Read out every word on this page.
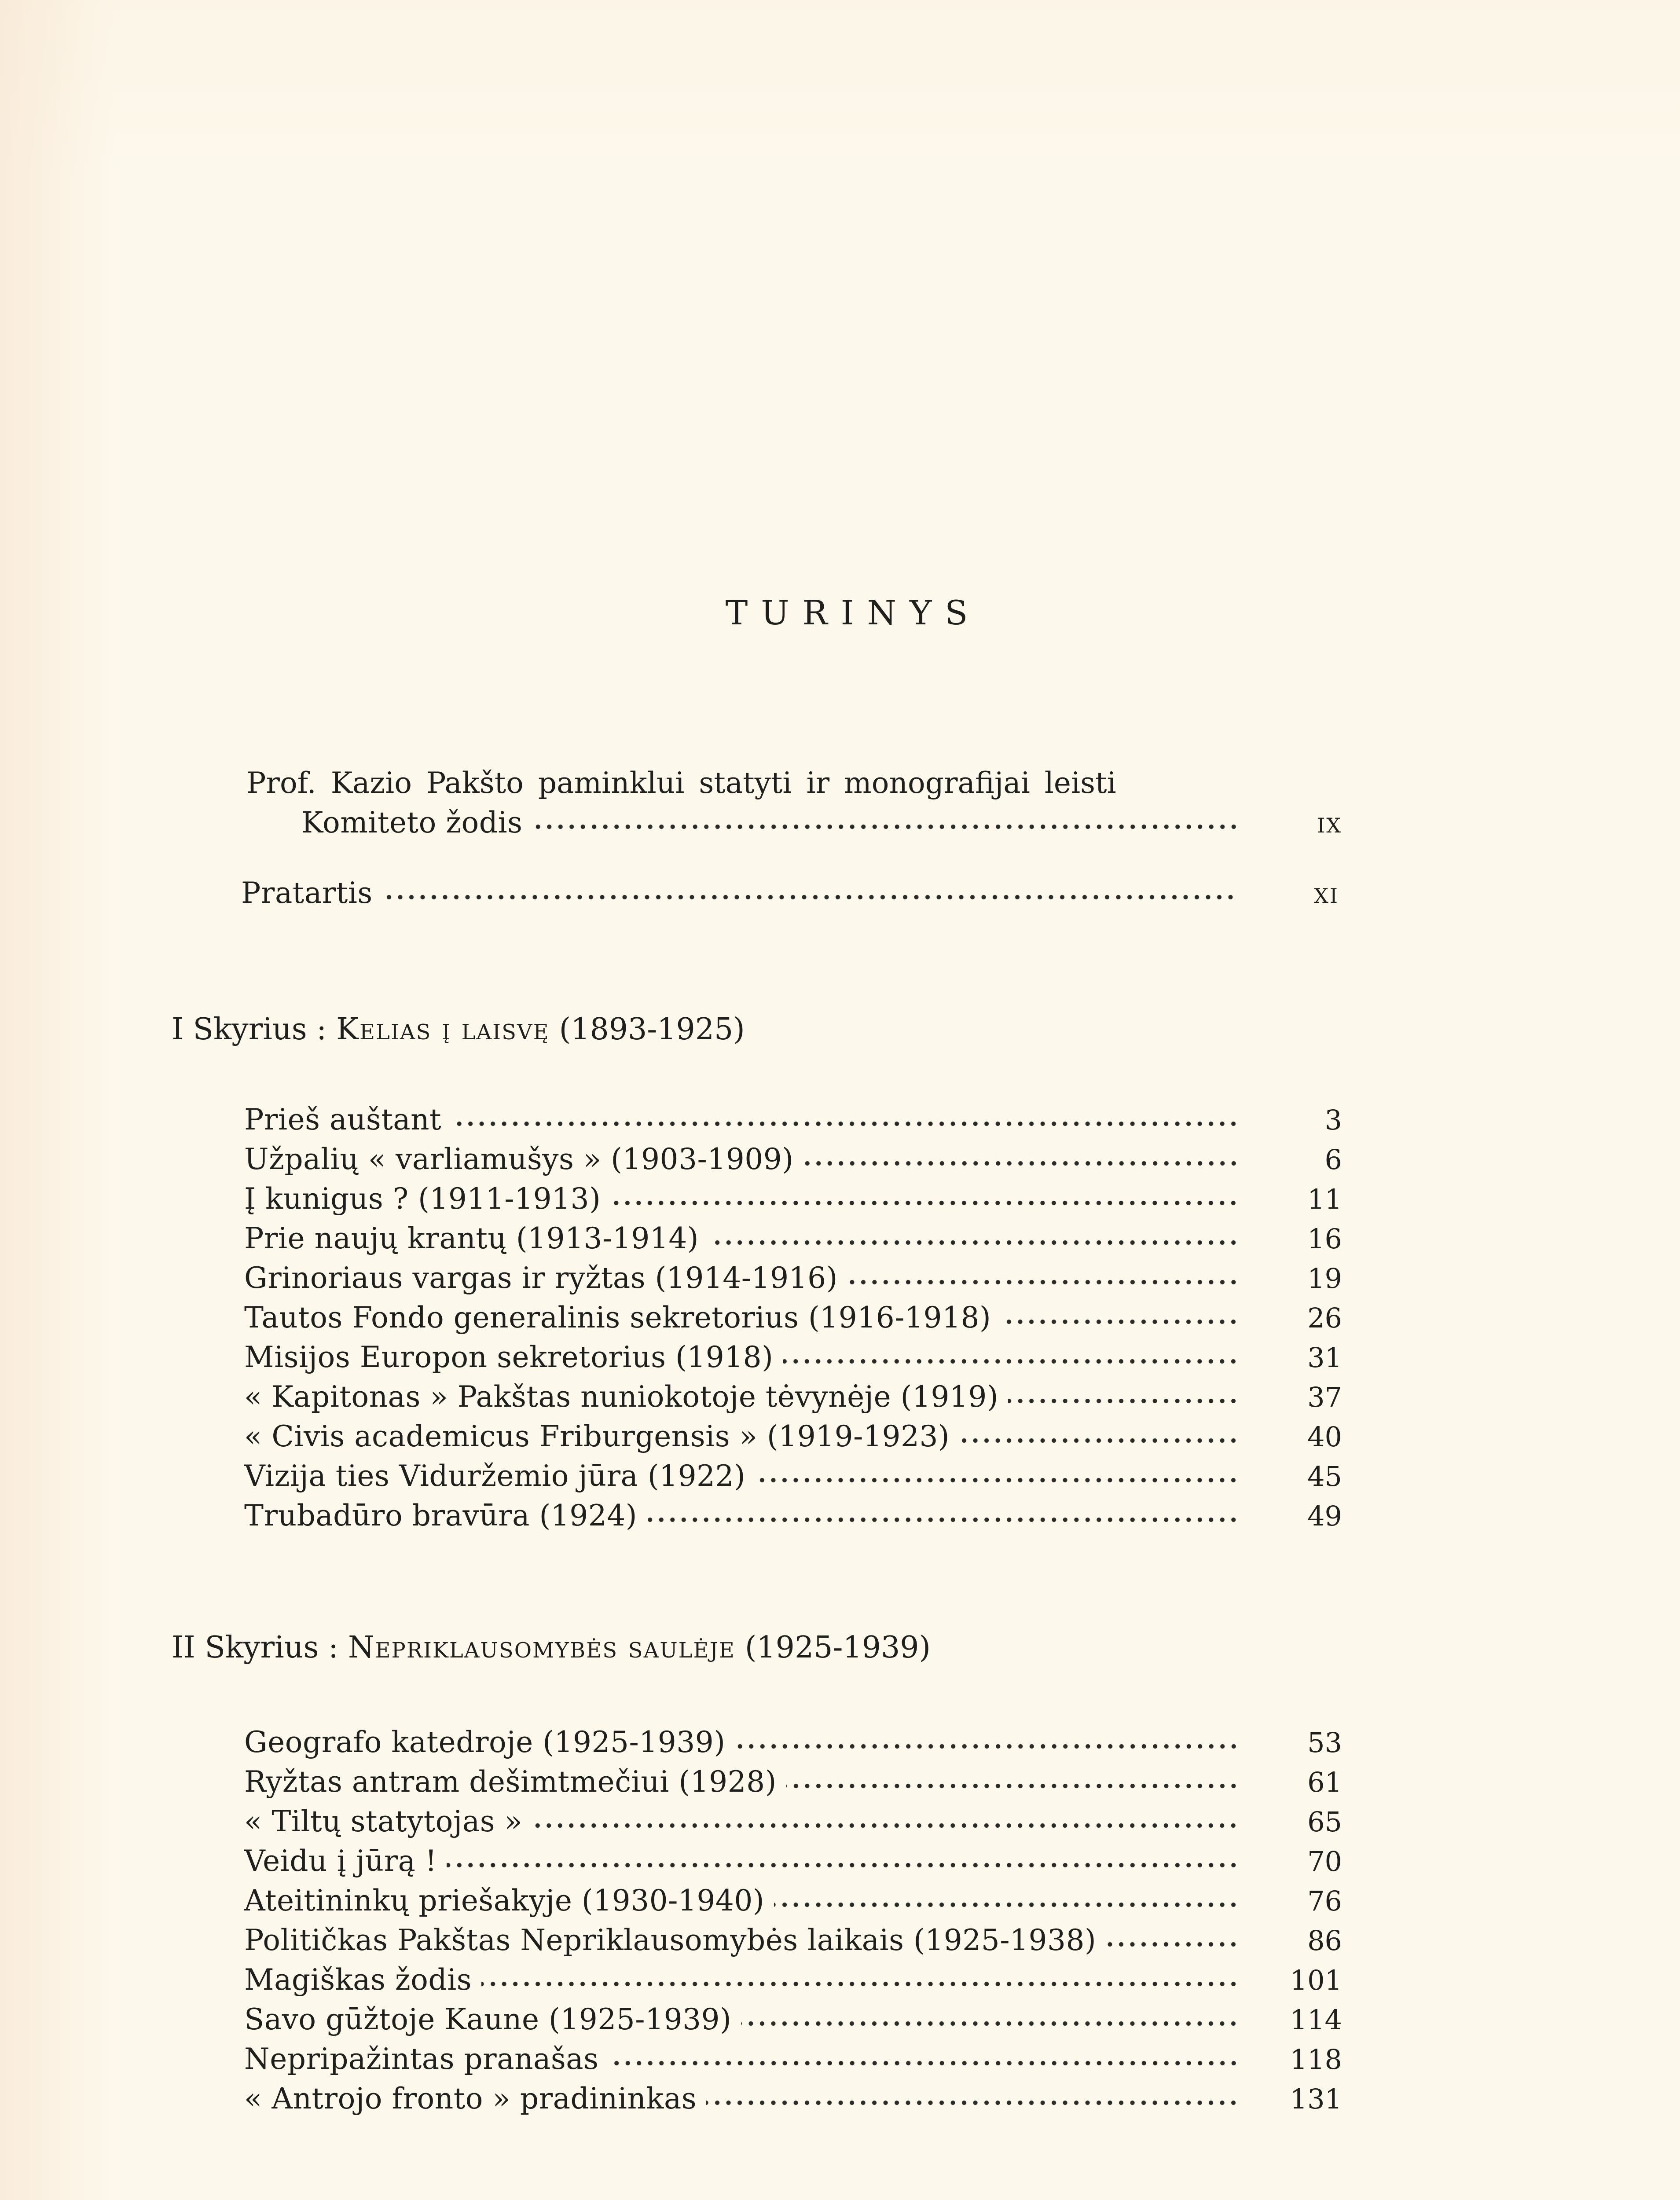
TURINYS
Prof. Kazio Pakšto paminklui statyti ir monografijai leisti
Komiteto žodis	IX
Pratartis	XI
I Skyrius : Kelias į laisvę (1893-1925)
Prieš auštant	3
Užpalių « varliamušys » (1903-1909)	6
Į kunigus ? (1911-1913)	11
Prie naujų krantų (1913-1914)	16
Grinoriaus vargas ir ryžtas (1914-1916)	19
Tautos Fondo generalinis sekretorius (1916-1918)	26
Misijos Europon sekretorius (1918)	31
« Kapitonas » Pakštas nuniokotoje tėvynėje (1919)	37
« Civis academicus Friburgensis » (1919-1923)	40
Vizija ties Viduržemio jūra (1922)	45
Trubadūro bravūra (1924)	49
II Skyrius : Nepriklausomybės saulėje (1925-1939)
Geografo katedroje (1925-1939)	53
Ryžtas antram dešimtmečiui (1928)	61
« Tiltų statytojas »	65
Veidu į jūrą !	70
Ateitininkų priešakyje (1930-1940)	76
Političkas Pakštas Nepriklausomybės laikais (1925-1938)	86
Magiškas žodis	101
Savo gūžtoje Kaune (1925-1939)	114
Nepripažintas pranašas	118
« Antrojo fronto » pradininkas	131
